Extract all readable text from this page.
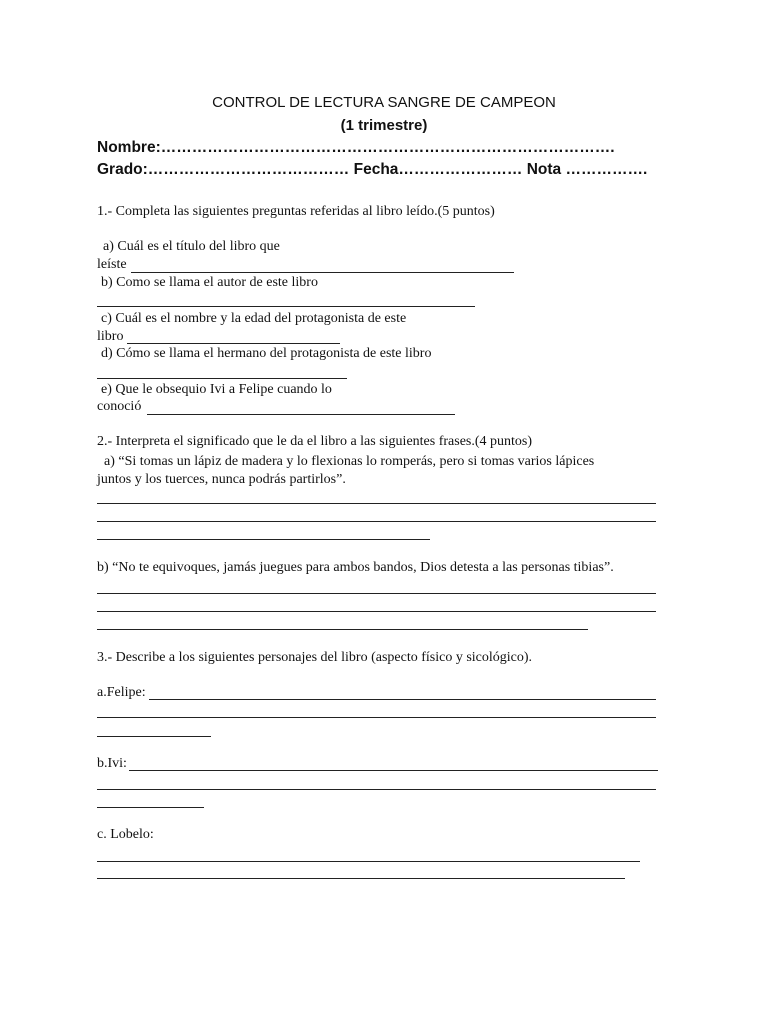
CONTROL DE LECTURA SANGRE DE CAMPEON
(1 trimestre)
Nombre:…………………………………………………………………………….
Grado:………………………………… Fecha…………………… Nota …………….
1.- Completa las siguientes preguntas referidas al libro leído.(5 puntos)
a) Cuál es el título del libro que
leíste
b) Como se llama el autor de este libro
c) Cuál es el nombre y la edad del protagonista de este
libro
d) Cómo se llama el hermano del protagonista de este libro
e) Que le obsequio Ivi a Felipe cuando lo
conoció
2.- Interpreta el significado que le da el libro a las siguientes frases.(4 puntos)
a) “Si tomas un lápiz de madera y lo flexionas lo romperás, pero si tomas varios lápices
juntos y los tuerces, nunca podrás partirlos”.
b) “No te equivoques, jamás juegues para ambos bandos, Dios detesta a las personas tibias”.
3.- Describe a los siguientes personajes del libro (aspecto físico y sicológico).
a.Felipe:
b.Ivi:
c. Lobelo:
